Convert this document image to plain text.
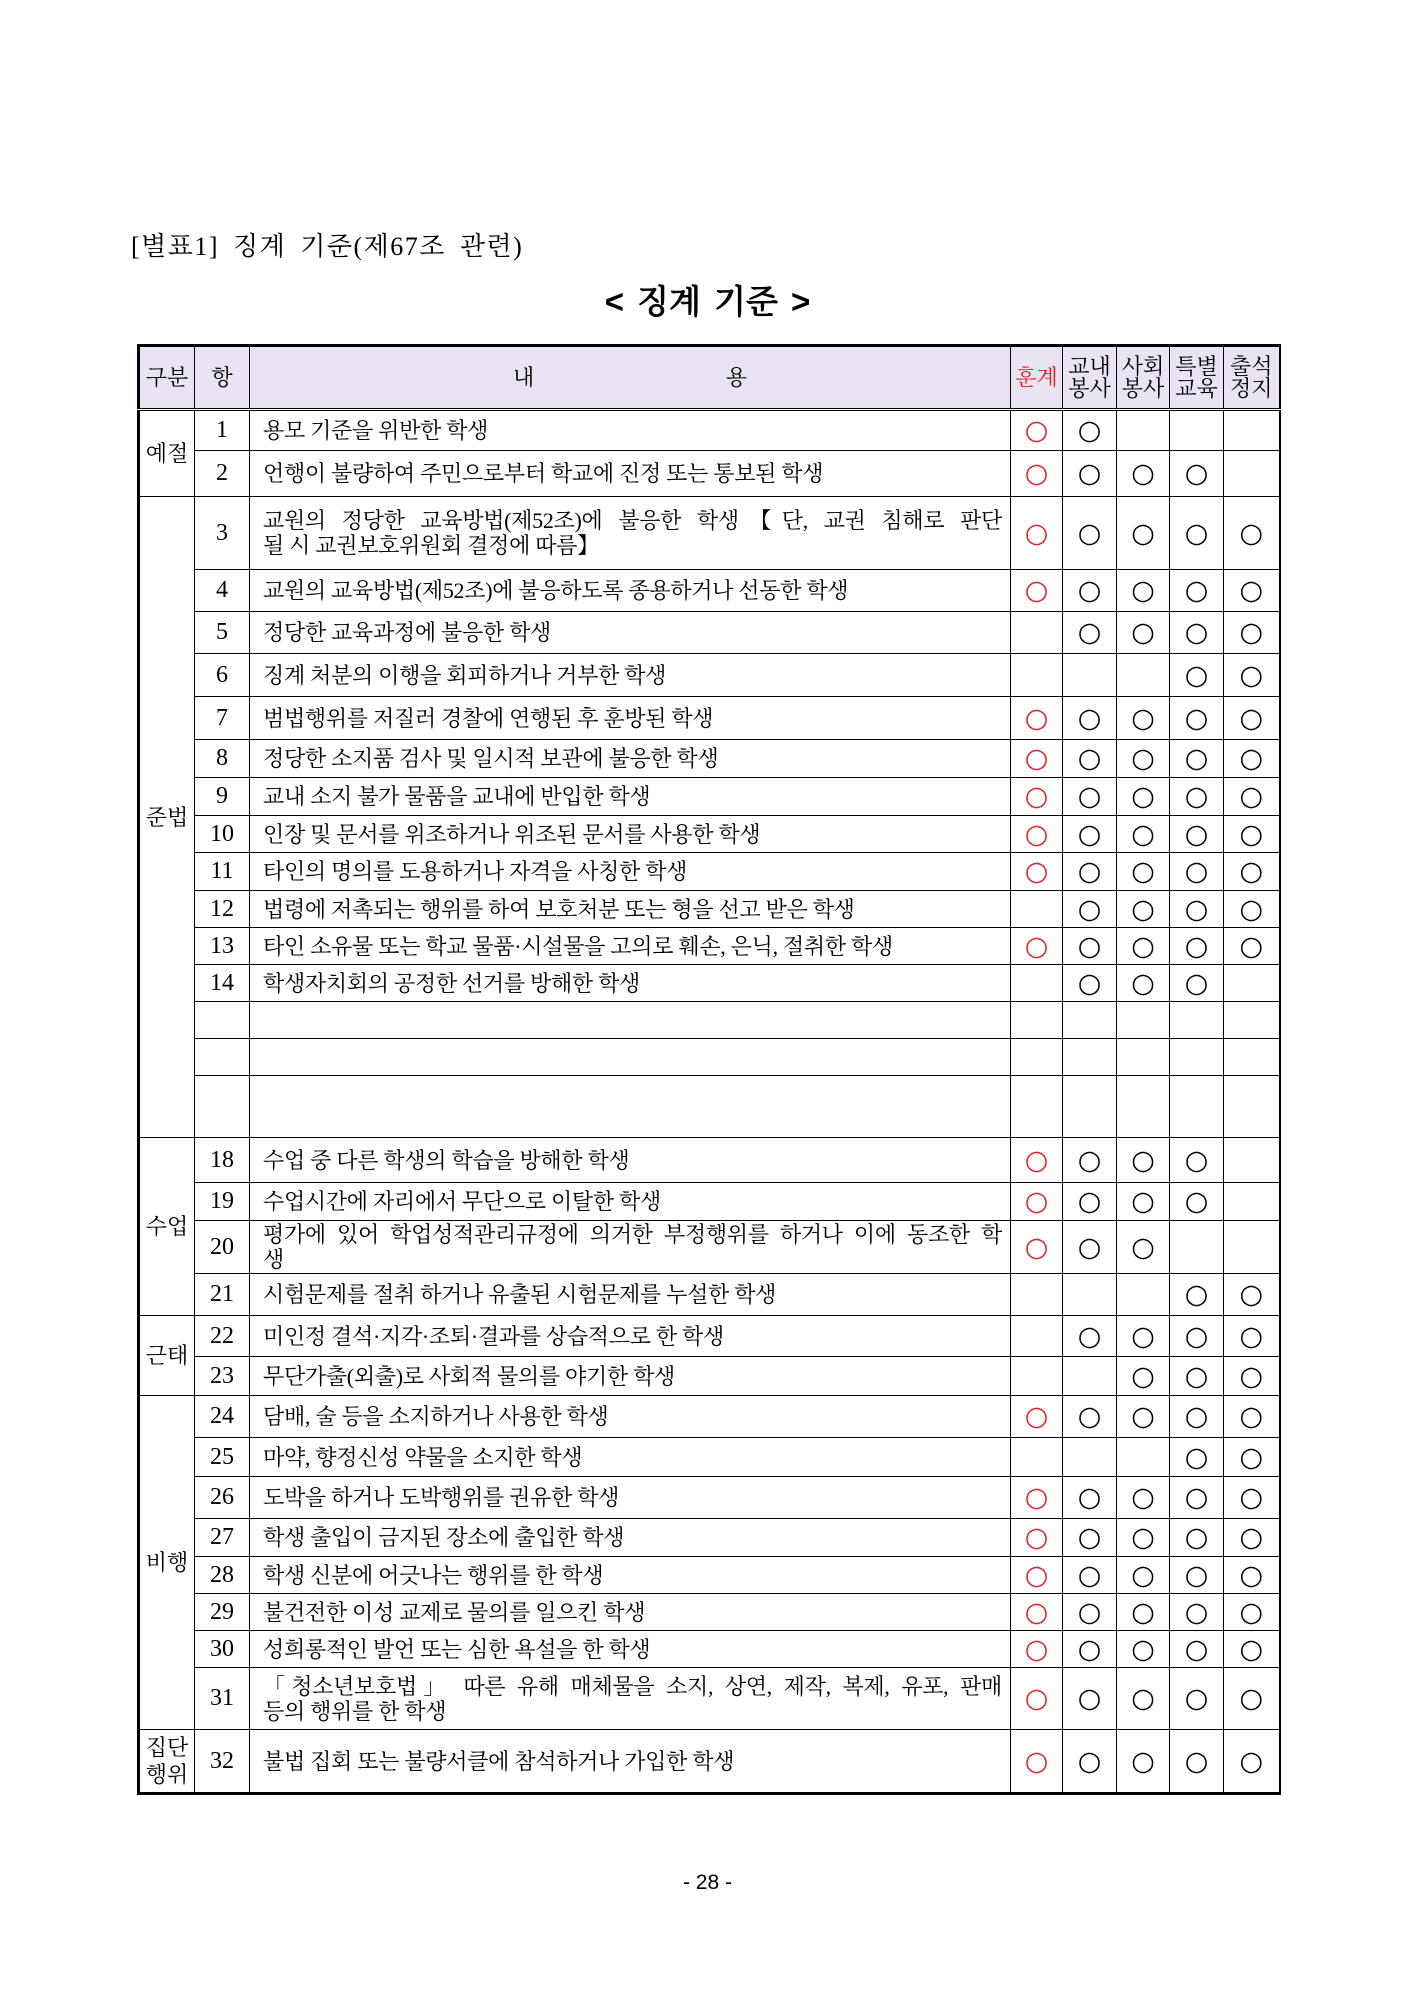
[별표1] 징계 기준(제67조 관련)
< 징계 기준 >
구분	항	내 용	훈계	교내봉사	사회봉사	특별교육	출석정지
예절	1	용모 기준을 위반한 학생	○	○			
	2	언행이 불량하여 주민으로부터 학교에 진정 또는 통보된 학생	○	○	○	○	
준법	3	교원의 정당한 교육방법(제52조)에 불응한 학생【단, 교권 침해로 판단
될 시 교권보호위원회 결정에 따름】	○	○	○	○	○
	4	교원의 교육방법(제52조)에 불응하도록 종용하거나 선동한 학생	○	○	○	○	○
	5	정당한 교육과정에 불응한 학생		○	○	○	○
	6	징계 처분의 이행을 회피하거나 거부한 학생				○	○
	7	범법행위를 저질러 경찰에 연행된 후 훈방된 학생	○	○	○	○	○
	8	정당한 소지품 검사 및 일시적 보관에 불응한 학생	○	○	○	○	○
	9	교내 소지 불가 물품을 교내에 반입한 학생	○	○	○	○	○
	10	인장 및 문서를 위조하거나 위조된 문서를 사용한 학생	○	○	○	○	○
	11	타인의 명의를 도용하거나 자격을 사칭한 학생	○	○	○	○	○
	12	법령에 저촉되는 행위를 하여 보호처분 또는 형을 선고 받은 학생		○	○	○	○
	13	타인 소유물 또는 학교 물품·시설물을 고의로 훼손, 은닉, 절취한 학생	○	○	○	○	○
	14	학생자치회의 공정한 선거를 방해한 학생		○	○	○	

수업	18	수업 중 다른 학생의 학습을 방해한 학생	○	○	○	○	
	19	수업시간에 자리에서 무단으로 이탈한 학생	○	○	○	○	
	20	평가에 있어 학업성적관리규정에 의거한 부정행위를 하거나 이에 동조한 학
생	○	○	○		
	21	시험문제를 절취 하거나 유출된 시험문제를 누설한 학생				○	○
근태	22	미인정 결석·지각·조퇴·결과를 상습적으로 한 학생		○	○	○	○
	23	무단가출(외출)로 사회적 물의를 야기한 학생			○	○	○
비행	24	담배, 술 등을 소지하거나 사용한 학생	○	○	○	○	○
	25	마약, 향정신성 약물을 소지한 학생				○	○
	26	도박을 하거나 도박행위를 권유한 학생	○	○	○	○	○
	27	학생 출입이 금지된 장소에 출입한 학생	○	○	○	○	○
	28	학생 신분에 어긋나는 행위를 한 학생	○	○	○	○	○
	29	불건전한 이성 교제로 물의를 일으킨 학생	○	○	○	○	○
	30	성희롱적인 발언 또는 심한 욕설을 한 학생	○	○	○	○	○
	31	「청소년보호법」 따른 유해 매체물을 소지, 상연, 제작, 복제, 유포, 판매
등의 행위를 한 학생	○	○	○	○	○
집단행위	32	불법 집회 또는 불량서클에 참석하거나 가입한 학생	○	○	○	○	○
- 28 -
